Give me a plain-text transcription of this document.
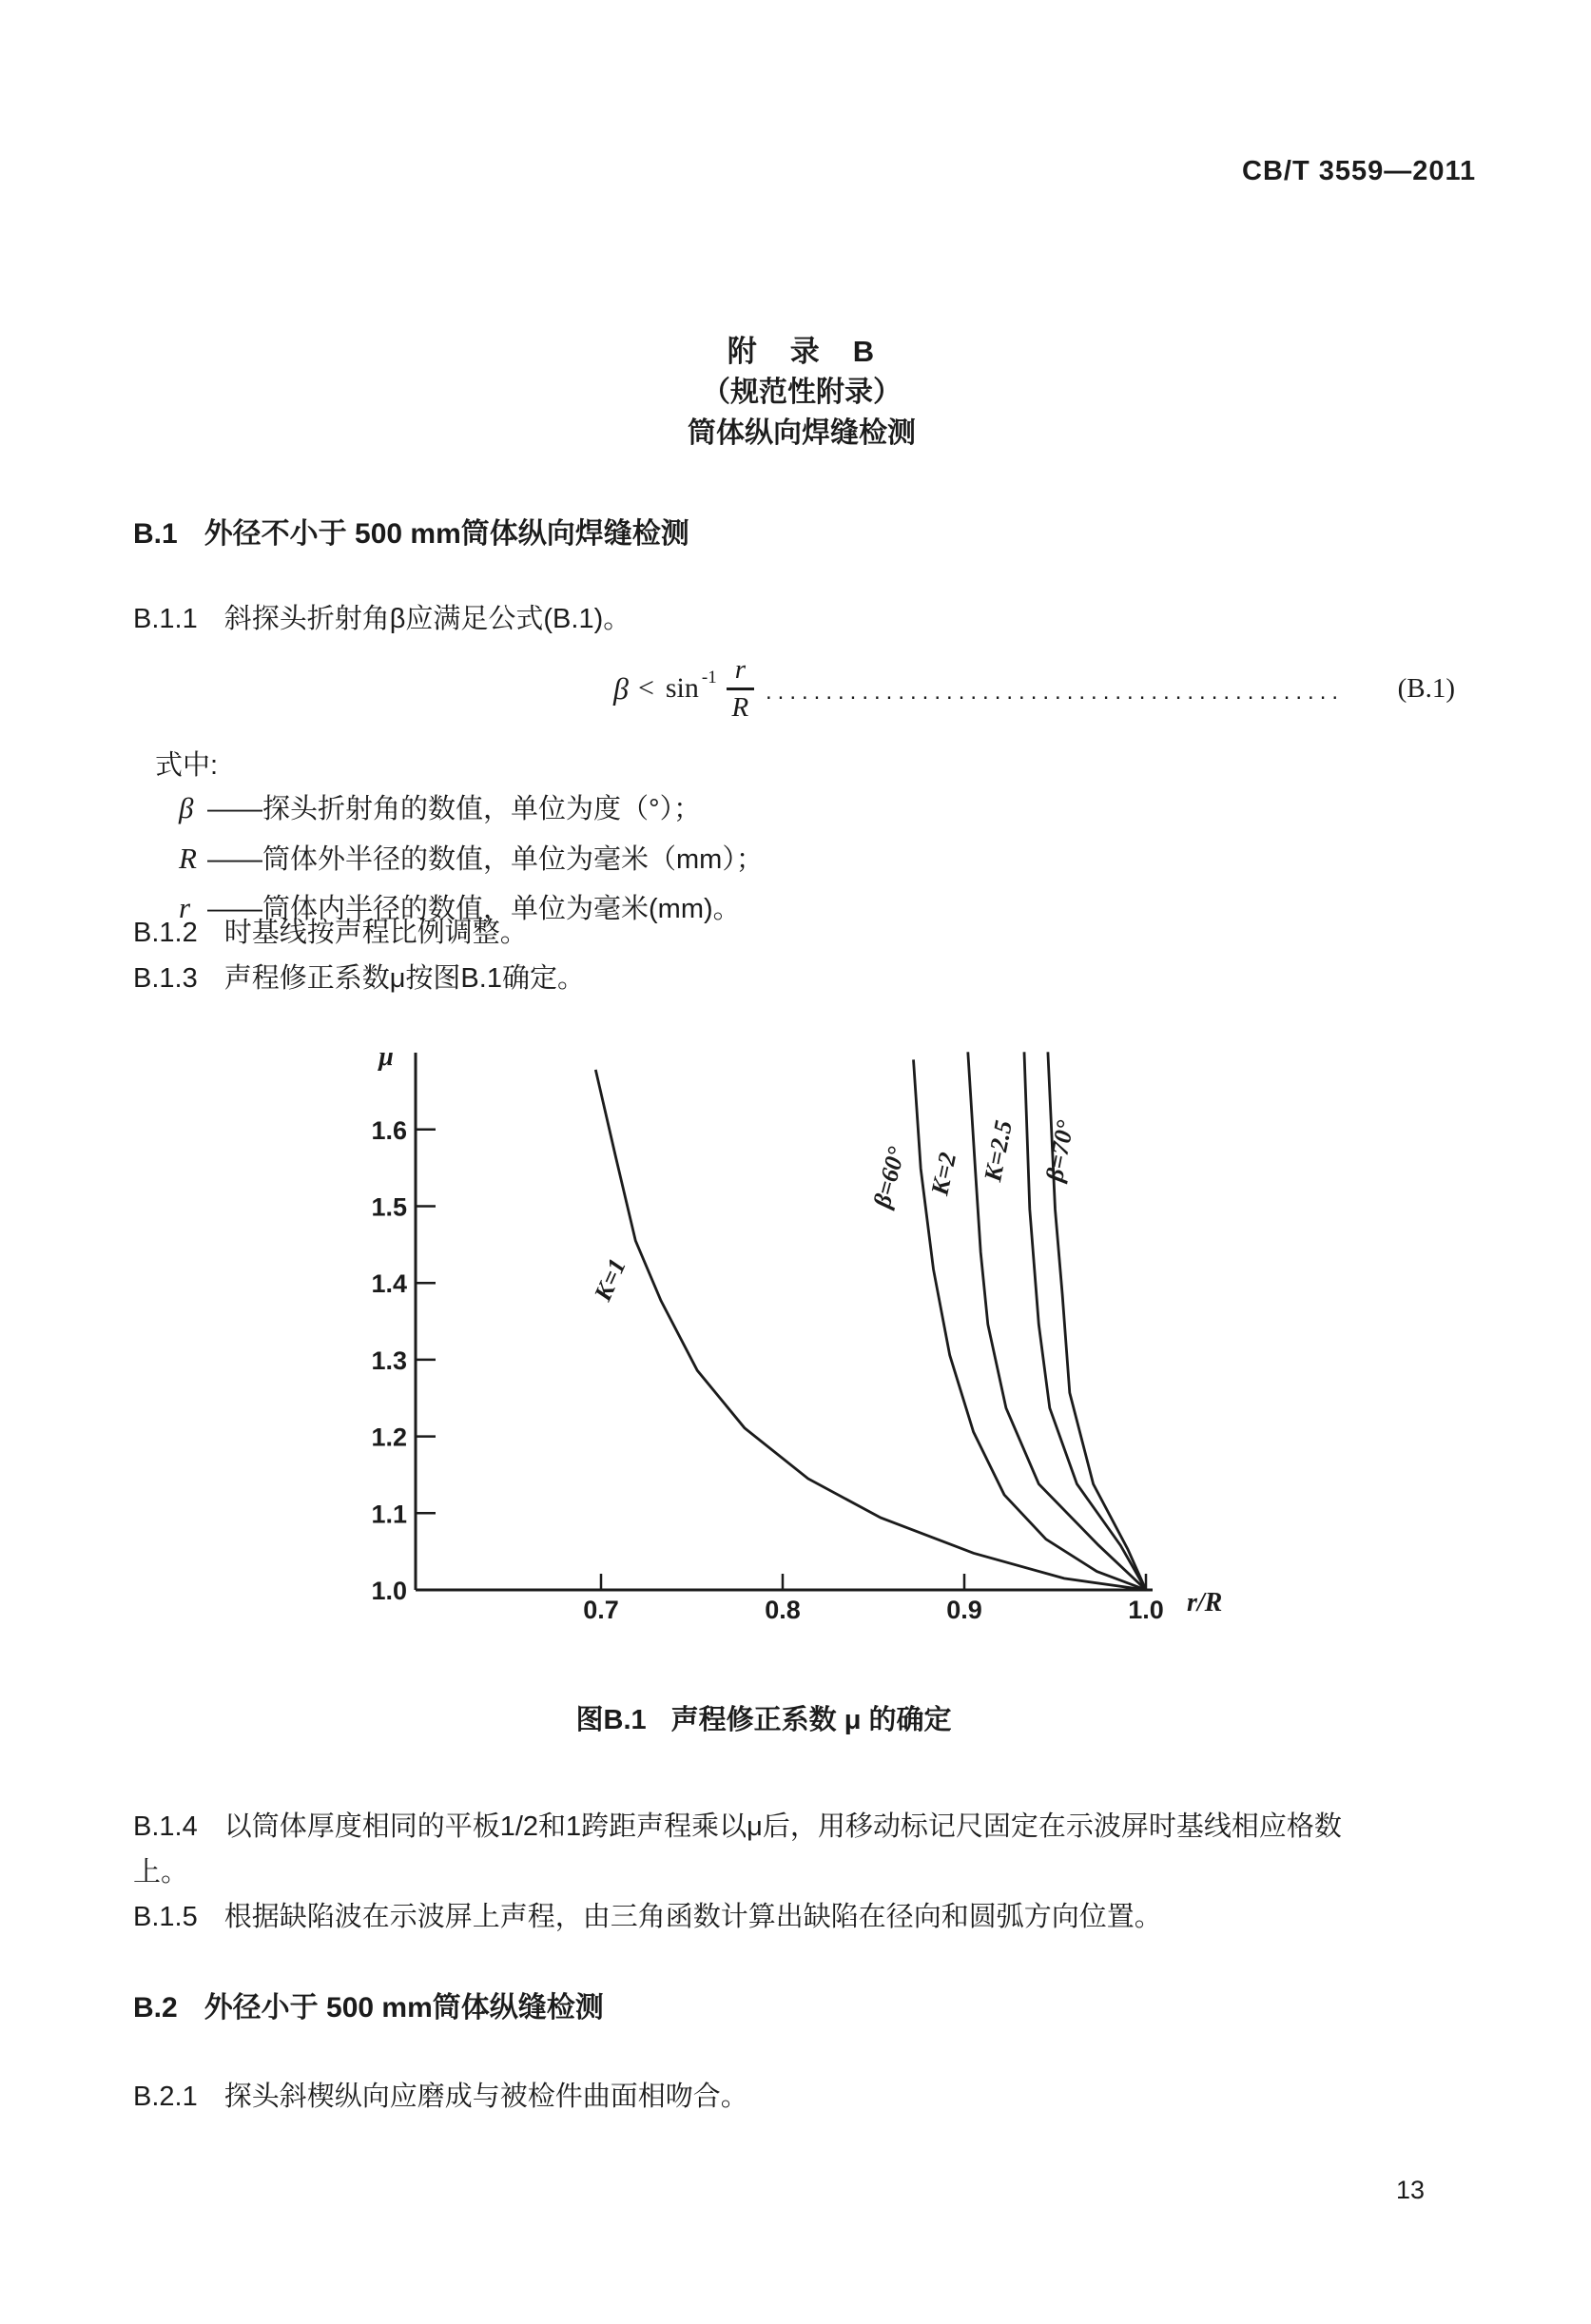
CB/T 3559—2011
附　录　B
（规范性附录）
筒体纵向焊缝检测
B.1 外径不小于 500 mm筒体纵向焊缝检测
B.1.1 斜探头折射角β应满足公式(B.1)。
$\beta < \sin -1 \frac{r}{R}$ ................................................	(B.1)
式中:
β ——探头折射角的数值，单位为度（°）；
R ——筒体外半径的数值，单位为毫米（mm）；
r ——筒体内半径的数值，单位为毫米(mm)。
B.1.2 时基线按声程比例调整。
B.1.3 声程修正系数μ按图B.1确定。
1.0
1.1
1.2
1.3
1.4
1.5
1.6
0.7	0.8	0.9	1.0
μ
r/R
K=1
β=60° K=2 K=2.5 β=70°
图B.1 声程修正系数 μ 的确定
B.1.4 以筒体厚度相同的平板1/2和1跨距声程乘以μ后，用移动标记尺固定在示波屏时基线相应格数
上。
B.1.5 根据缺陷波在示波屏上声程，由三角函数计算出缺陷在径向和圆弧方向位置。
B.2 外径小于 500 mm筒体纵缝检测
B.2.1 探头斜楔纵向应磨成与被检件曲面相吻合。
13
